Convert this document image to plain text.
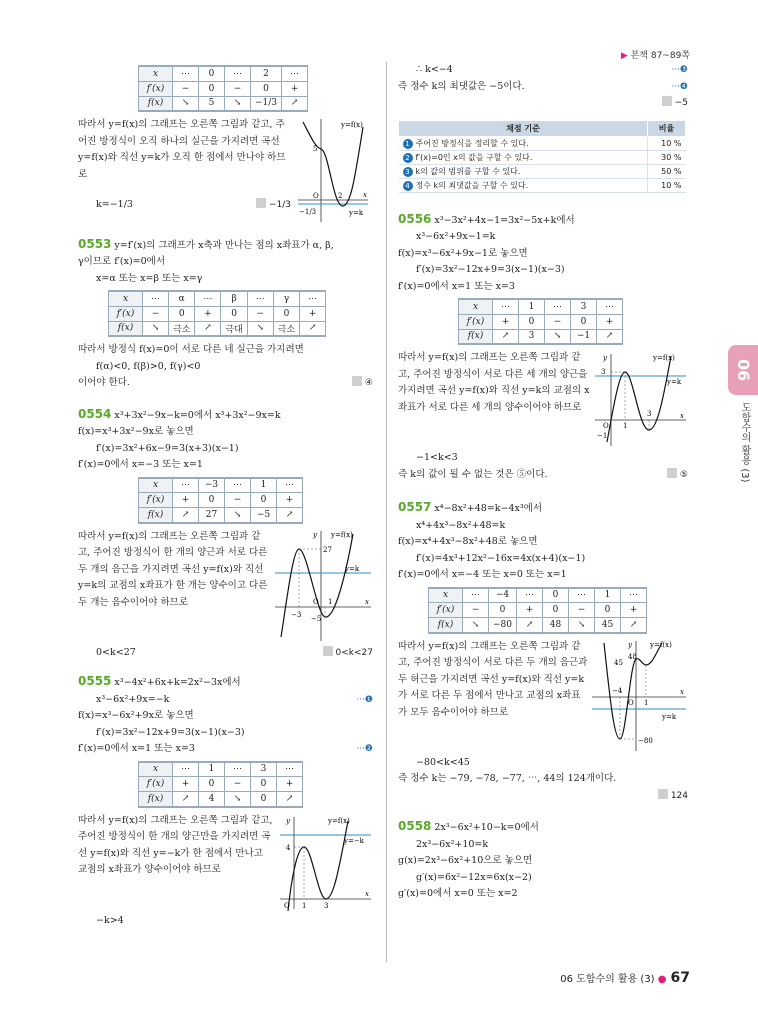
▶ 본책 87~89쪽
06
도함수의 활용 (3)
x	⋯	0	⋯	2	⋯
f′(x)	−	0	−	0	+
f(x)	↘	5	↘	−1/3	↗
따라서 y=f(x)의 그래프는 오른쪽 그림과 같고, 주어진 방정식이 오직 하나의 실근을 가지려면 곡선 y=f(x)와 직선 y=k가 오직 한 점에서 만나야 하므로
y=f(x)
5
O	2	x
−1/3	y=k
k=−1/3	−1/3
0553 y=f′(x)의 그래프가 x축과 만나는 점의 x좌표가 α, β,
γ이므로 f′(x)=0에서
x=α 또는 x=β 또는 x=γ
x	⋯	α	⋯	β	⋯	γ	⋯
f′(x)	−	0	+	0	−	0	+
f(x)	↘	극소	↗	극대	↘	극소	↗
따라서 방정식 f(x)=0이 서로 다른 네 실근을 가지려면
f(α)<0, f(β)>0, f(γ)<0
이어야 한다.	④
0554 x³+3x²−9x−k=0에서 x³+3x²−9x=k
f(x)=x³+3x²−9x로 놓으면
f′(x)=3x²+6x−9=3(x+3)(x−1)
f′(x)=0에서 x=−3 또는 x=1
x	⋯	−3	⋯	1	⋯
f′(x)	+	0	−	0	+
f(x)	↗	27	↘	−5	↗
따라서 y=f(x)의 그래프는 오른쪽 그림과 같고, 주어진 방정식이 한 개의 양근과 서로 다른 두 개의 음근을 가지려면 곡선 y=f(x)와 직선 y=k의 교점의 x좌표가 한 개는 양수이고 다른 두 개는 음수이어야 하므로
y y=f(x)
27
y=k
O 1	x
−3 −5
0<k<27	0<k<27
0555 x³−4x²+6x+k=2x²−3x에서
x³−6x²+9x=−k	···❶
f(x)=x³−6x²+9x로 놓으면
f′(x)=3x²−12x+9=3(x−1)(x−3)
f′(x)=0에서 x=1 또는 x=3	···❷
x	⋯	1	⋯	3	⋯
f′(x)	+	0	−	0	+
f(x)	↗	4	↘	0	↗
따라서 y=f(x)의 그래프는 오른쪽 그림과 같고, 주어진 방정식이 한 개의 양근만을 가지려면 곡선 y=f(x)와 직선 y=−k가 한 점에서 만나고 교점의 x좌표가 양수이어야 하므로
y	y=f(x)
y=−k
4
O 1	3
x
−k>4
∴ k<−4	···❸
즉 정수 k의 최댓값은 −5이다.	···❹
−5

채점 기준	비율
1 주어진 방정식을 정리할 수 있다.	10 %
2 f′(x)=0인 x의 값을 구할 수 있다.	30 %
3 k의 값의 범위를 구할 수 있다.	50 %
4 정수 k의 최댓값을 구할 수 있다.	10 %
0556 x³−3x²+4x−1=3x²−5x+k에서
x³−6x²+9x−1=k
f(x)=x³−6x²+9x−1로 놓으면
f′(x)=3x²−12x+9=3(x−1)(x−3)
f′(x)=0에서 x=1 또는 x=3
x	⋯	1	⋯	3	⋯
f′(x)	+	0	−	0	+
f(x)	↗	3	↘	−1	↗
따라서 y=f(x)의 그래프는 오른쪽 그림과 같고, 주어진 방정식이 서로 다른 세 개의 양근을 가지려면 곡선 y=f(x)와 직선 y=k의 교점의 x좌표가 서로 다른 세 개의 양수이어야 하므로
y	y=f(x)
3
y=k
O 1
3
−1
x
−1<k<3
즉 k의 값이 될 수 없는 것은 ⑤이다.	⑤
0557 x⁴−8x²+48=k−4x³에서
x⁴+4x³−8x²+48=k
f(x)=x⁴+4x³−8x²+48로 놓으면
f′(x)=4x³+12x²−16x=4x(x+4)(x−1)
f′(x)=0에서 x=−4 또는 x=0 또는 x=1
x	⋯	−4	⋯	0	⋯	1	⋯
f′(x)	−	0	+	0	−	0	+
f(x)	↘	−80	↗	48	↘	45	↗
따라서 y=f(x)의 그래프는 오른쪽 그림과 같고, 주어진 방정식이 서로 다른 두 개의 음근과 두 허근을 가지려면 곡선 y=f(x)와 직선 y=k가 서로 다른 두 점에서 만나고 교점의 x좌표가 모두 음수이어야 하므로
y	y=f(x)
45
48
−4
O 1
x
y=k
−80
−80<k<45
즉 정수 k는 −79, −78, −77, ⋯, 44의 124개이다.
124

0558 2x³−6x²+10−k=0에서
2x³−6x²+10=k
g(x)=2x³−6x²+10으로 놓으면
g′(x)=6x²−12x=6x(x−2)
g′(x)=0에서 x=0 또는 x=2
06 도함수의 활용 (3) ● 67
